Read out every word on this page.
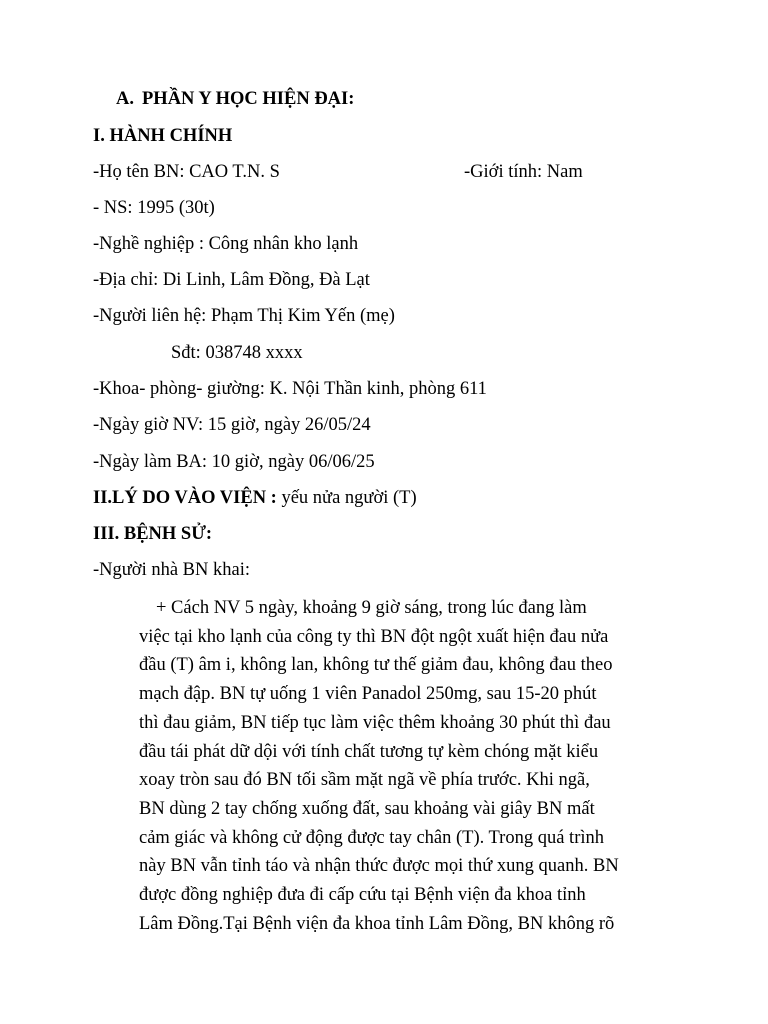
A. PHẦN Y HỌC HIỆN ĐẠI:
I. HÀNH CHÍNH
-Họ tên BN: CAO T.N. S	-Giới tính: Nam
- NS: 1995 (30t)
-Nghề nghiệp : Công nhân kho lạnh
-Địa chỉ: Di Linh, Lâm Đồng, Đà Lạt
-Người liên hệ: Phạm Thị Kim Yến (mẹ)
Sđt: 038748 xxxx
-Khoa- phòng- giường: K. Nội Thần kinh, phòng 611
-Ngày giờ NV: 15 giờ, ngày 26/05/24
-Ngày làm BA: 10 giờ, ngày 06/06/25
II.LÝ DO VÀO VIỆN : yếu nửa người (T)
III. BỆNH SỬ:
-Người nhà BN khai:
+ Cách NV 5 ngày, khoảng 9 giờ sáng, trong lúc đang làm
việc tại kho lạnh của công ty thì BN đột ngột xuất hiện đau nửa
đầu (T) âm i, không lan, không tư thế giảm đau, không đau theo
mạch đập. BN tự uống 1 viên Panadol 250mg, sau 15-20 phút
thì đau giảm, BN tiếp tục làm việc thêm khoảng 30 phút thì đau
đầu tái phát dữ dội với tính chất tương tự kèm chóng mặt kiểu
xoay tròn sau đó BN tối sầm mặt ngã về phía trước. Khi ngã,
BN dùng 2 tay chống xuống đất, sau khoảng vài giây BN mất
cảm giác và không cử động được tay chân (T). Trong quá trình
này BN vẫn tỉnh táo và nhận thức được mọi thứ xung quanh. BN
được đồng nghiệp đưa đi cấp cứu tại Bệnh viện đa khoa tỉnh
Lâm Đồng.Tại Bệnh viện đa khoa tỉnh Lâm Đồng, BN không rõ
